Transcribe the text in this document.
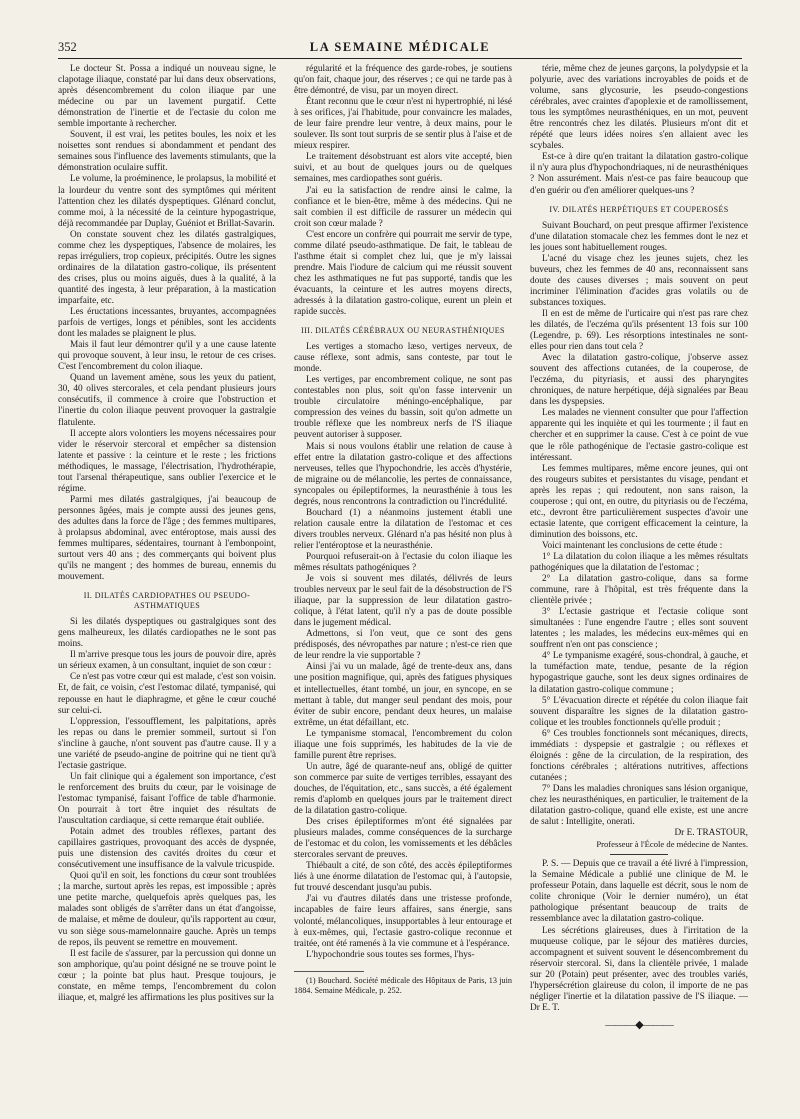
352	LA SEMAINE MÉDICALE

Le docteur St. Possa a indiqué un nouveau signe, le clapotage iliaque, constaté par lui dans deux observations, après désencombrement du colon iliaque par une médecine ou par un lavement purgatif. Cette démonstration de l'inertie et de l'ectasie du colon me semble importante à rechercher.

Souvent, il est vrai, les petites boules, les noix et les noisettes sont rendues si abondamment et pendant des semaines sous l'influence des lavements stimulants, que la démonstration oculaire suffit.

Le volume, la proéminence, le prolapsus, la mobilité et la lourdeur du ventre sont des symptômes qui méritent l'attention chez les dilatés dyspeptiques. Glénard conclut, comme moi, à la nécessité de la ceinture hypogastrique, déjà recommandée par Duplay, Guéniot et Brillat-Savarin.

On constate souvent chez les dilatés gastralgiques, comme chez les dyspeptiques, l'absence de molaires, les repas irréguliers, trop copieux, précipités. Outre les signes ordinaires de la dilatation gastro-colique, ils présentent des crises, plus ou moins aiguës, dues à la qualité, à la quantité des ingesta, à leur préparation, à la mastication imparfaite, etc.

Les éructations incessantes, bruyantes, accompagnées parfois de vertiges, longs et pénibles, sont les accidents dont les malades se plaignent le plus.

Mais il faut leur démontrer qu'il y a une cause latente qui provoque souvent, à leur insu, le retour de ces crises. C'est l'encombrement du colon iliaque.

Quand un lavement amène, sous les yeux du patient, 30, 40 olives stercorales, et cela pendant plusieurs jours consécutifs, il commence à croire que l'obstruction et l'inertie du colon iliaque peuvent provoquer la gastralgie flatulente.

Il accepte alors volontiers les moyens nécessaires pour vider le réservoir stercoral et empêcher sa distension latente et passive : la ceinture et le reste ; les frictions méthodiques, le massage, l'électrisation, l'hydrothérapie, tout l'arsenal thérapeutique, sans oublier l'exercice et le régime.

Parmi mes dilatés gastralgiques, j'ai beaucoup de personnes âgées, mais je compte aussi des jeunes gens, des adultes dans la force de l'âge ; des femmes multipares, à prolapsus abdominal, avec entéroptose, mais aussi des femmes multipares, sédentaires, tournant à l'embonpoint, surtout vers 40 ans ; des commerçants qui boivent plus qu'ils ne mangent ; des hommes de bureau, ennemis du mouvement.

II. DILATÉS CARDIOPATHES OU PSEUDO-ASTHMATIQUES

Si les dilatés dyspeptiques ou gastralgiques sont des gens malheureux, les dilatés cardiopathes ne le sont pas moins.

Il m'arrive presque tous les jours de pouvoir dire, après un sérieux examen, à un consultant, inquiet de son cœur :

Ce n'est pas votre cœur qui est malade, c'est son voisin. Et, de fait, ce voisin, c'est l'estomac dilaté, tympanisé, qui repousse en haut le diaphragme, et gêne le cœur couché sur celui-ci.

L'oppression, l'essoufflement, les palpitations, après les repas ou dans le premier sommeil, surtout si l'on s'incline à gauche, n'ont souvent pas d'autre cause. Il y a une variété de pseudo-angine de poitrine qui ne tient qu'à l'ectasie gastrique.

Un fait clinique qui a également son importance, c'est le renforcement des bruits du cœur, par le voisinage de l'estomac tympanisé, faisant l'office de table d'harmonie. On pourrait à tort être inquiet des résultats de l'auscultation cardiaque, si cette remarque était oubliée.

Potain admet des troubles réflexes, partant des capillaires gastriques, provoquant des accès de dyspnée, puis une distension des cavités droites du cœur et consécutivement une insuffisance de la valvule tricuspide.

Quoi qu'il en soit, les fonctions du cœur sont troublées ; la marche, surtout après les repas, est impossible ; après une petite marche, quelquefois après quelques pas, les malades sont obligés de s'arrêter dans un état d'angoisse, de malaise, et même de douleur, qu'ils rapportent au cœur, vu son siège sous-mamelonnaire gauche. Après un temps de repos, ils peuvent se remettre en mouvement.

Il est facile de s'assurer, par la percussion qui donne un son amphorique, qu'au point désigné ne se trouve point le cœur ; la pointe bat plus haut. Presque toujours, je constate, en même temps, l'encombrement du colon iliaque, et, malgré les affirmations les plus positives sur la

régularité et la fréquence des garde-robes, je soutiens qu'on fait, chaque jour, des réserves ; ce qui ne tarde pas à être démontré, de visu, par un moyen direct.

Étant reconnu que le cœur n'est ni hypertrophié, ni lésé à ses orifices, j'ai l'habitude, pour convaincre les malades, de leur faire prendre leur ventre, à deux mains, pour le soulever. Ils sont tout surpris de se sentir plus à l'aise et de mieux respirer.

Le traitement désobstruant est alors vite accepté, bien suivi, et au bout de quelques jours ou de quelques semaines, mes cardiopathes sont guéris.

J'ai eu la satisfaction de rendre ainsi le calme, la confiance et le bien-être, même à des médecins. Qui ne sait combien il est difficile de rassurer un médecin qui croit son cœur malade ?

C'est encore un confrère qui pourrait me servir de type, comme dilaté pseudo-asthmatique. De fait, le tableau de l'asthme était si complet chez lui, que je m'y laissai prendre. Mais l'iodure de calcium qui me réussit souvent chez les asthmatiques ne fut pas supporté, tandis que les évacuants, la ceinture et les autres moyens directs, adressés à la dilatation gastro-colique, eurent un plein et rapide succès.

III. DILATÉS CÉRÉBRAUX OU NEURASTHÉNIQUES

Les vertiges a stomacho læso, vertiges nerveux, de cause réflexe, sont admis, sans conteste, par tout le monde.

Les vertiges, par encombrement colique, ne sont pas contestables non plus, soit qu'on fasse intervenir un trouble circulatoire méningo-encéphalique, par compression des veines du bassin, soit qu'on admette un trouble réflexe que les nombreux nerfs de l'S iliaque peuvent autoriser à supposer.

Mais si nous voulons établir une relation de cause à effet entre la dilatation gastro-colique et des affections nerveuses, telles que l'hypochondrie, les accès d'hystérie, de migraine ou de mélancolie, les pertes de connaissance, syncopales ou épileptiformes, la neurasthénie à tous les degrés, nous rencontrons la contradiction ou l'incrédulité.

Bouchard (1) a néanmoins justement établi une relation causale entre la dilatation de l'estomac et ces divers troubles nerveux. Glénard n'a pas hésité non plus à relier l'entéroptose et la neurasthénie.

Pourquoi refuserait-on à l'ectasie du colon iliaque les mêmes résultats pathogéniques ?

Je vois si souvent mes dilatés, délivrés de leurs troubles nerveux par le seul fait de la désobstruction de l'S iliaque, par la suppression de leur dilatation gastro-colique, à l'état latent, qu'il n'y a pas de doute possible dans le jugement médical.

Admettons, si l'on veut, que ce sont des gens prédisposés, des névropathes par nature ; n'est-ce rien que de leur rendre la vie supportable ?

Ainsi j'ai vu un malade, âgé de trente-deux ans, dans une position magnifique, qui, après des fatigues physiques et intellectuelles, étant tombé, un jour, en syncope, en se mettant à table, dut manger seul pendant des mois, pour éviter de subir encore, pendant deux heures, un malaise extrême, un état défaillant, etc.

Le tympanisme stomacal, l'encombrement du colon iliaque une fois supprimés, les habitudes de la vie de famille purent être reprises.

Un autre, âgé de quarante-neuf ans, obligé de quitter son commerce par suite de vertiges terribles, essayant des douches, de l'équitation, etc., sans succès, a été également remis d'aplomb en quelques jours par le traitement direct de la dilatation gastro-colique.

Des crises épileptiformes m'ont été signalées par plusieurs malades, comme conséquences de la surcharge de l'estomac et du colon, les vomissements et les débâcles stercorales servant de preuves.

Thiébault a cité, de son côté, des accès épileptiformes liés à une énorme dilatation de l'estomac qui, à l'autopsie, fut trouvé descendant jusqu'au pubis.

J'ai vu d'autres dilatés dans une tristesse profonde, incapables de faire leurs affaires, sans énergie, sans volonté, mélancoliques, insupportables à leur entourage et à eux-mêmes, qui, l'ectasie gastro-colique reconnue et traitée, ont été ramenés à la vie commune et à l'espérance.

L'hypochondrie sous toutes ses formes, l'hys-

(1) Bouchard. Société médicale des Hôpitaux de Paris, 13 juin 1884. Semaine Médicale, p. 252.

térie, même chez de jeunes garçons, la polydypsie et la polyurie, avec des variations incroyables de poids et de volume, sans glycosurie, les pseudo-congestions cérébrales, avec craintes d'apoplexie et de ramollissement, tous les symptômes neurasthéniques, en un mot, peuvent être rencontrés chez les dilatés. Plusieurs m'ont dit et répété que leurs idées noires s'en allaient avec les scybales.

Est-ce à dire qu'en traitant la dilatation gastro-colique il n'y aura plus d'hypochondriaques, ni de neurasthéniques ? Non assurément. Mais n'est-ce pas faire beaucoup que d'en guérir ou d'en améliorer quelques-uns ?

IV. DILATÉS HERPÉTIQUES ET COUPEROSÉS

Suivant Bouchard, on peut presque affirmer l'existence d'une dilatation stomacale chez les femmes dont le nez et les joues sont habituellement rouges.

L'acné du visage chez les jeunes sujets, chez les buveurs, chez les femmes de 40 ans, reconnaissent sans doute des causes diverses ; mais souvent on peut incriminer l'élimination d'acides gras volatils ou de substances toxiques.

Il en est de même de l'urticaire qui n'est pas rare chez les dilatés, de l'eczéma qu'ils présentent 13 fois sur 100 (Legendre, p. 69). Les résorptions intestinales ne sont-elles pour rien dans tout cela ?

Avec la dilatation gastro-colique, j'observe assez souvent des affections cutanées, de la couperose, de l'eczéma, du pityriasis, et aussi des pharyngites chroniques, de nature herpétique, déjà signalées par Beau dans les dyspepsies.

Les malades ne viennent consulter que pour l'affection apparente qui les inquiète et qui les tourmente ; il faut en chercher et en supprimer la cause. C'est à ce point de vue que le rôle pathogénique de l'ectasie gastro-colique est intéressant.

Les femmes multipares, même encore jeunes, qui ont des rougeurs subites et persistantes du visage, pendant et après les repas ; qui redoutent, non sans raison, la couperose ; qui ont, en outre, du pityriasis ou de l'eczéma, etc., devront être particulièrement suspectes d'avoir une ectasie latente, que corrigent efficacement la ceinture, la diminution des boissons, etc.

Voici maintenant les conclusions de cette étude :

1° La dilatation du colon iliaque a les mêmes résultats pathogéniques que la dilatation de l'estomac ;

2° La dilatation gastro-colique, dans sa forme commune, rare à l'hôpital, est très fréquente dans la clientèle privée ;

3° L'ectasie gastrique et l'ectasie colique sont simultanées : l'une engendre l'autre ; elles sont souvent latentes ; les malades, les médecins eux-mêmes qui en souffrent n'en ont pas conscience ;

4° Le tympanisme exagéré, sous-chondral, à gauche, et la tuméfaction mate, tendue, pesante de la région hypogastrique gauche, sont les deux signes ordinaires de la dilatation gastro-colique commune ;

5° L'évacuation directe et répétée du colon iliaque fait souvent disparaître les signes de la dilatation gastro-colique et les troubles fonctionnels qu'elle produit ;

6° Ces troubles fonctionnels sont mécaniques, directs, immédiats : dyspepsie et gastralgie ; ou réflexes et éloignés : gêne de la circulation, de la respiration, des fonctions cérébrales ; altérations nutritives, affections cutanées ;

7° Dans les maladies chroniques sans lésion organique, chez les neurasthéniques, en particulier, le traitement de la dilatation gastro-colique, quand elle existe, est une ancre de salut : Intelligite, onerati.

Dr E. TRASTOUR,

Professeur à l'École de médecine de Nantes.

P. S. — Depuis que ce travail a été livré à l'impression, la Semaine Médicale a publié une clinique de M. le professeur Potain, dans laquelle est décrit, sous le nom de colite chronique (Voir le dernier numéro), un état pathologique présentant beaucoup de traits de ressemblance avec la dilatation gastro-colique.

Les sécrétions glaireuses, dues à l'irritation de la muqueuse colique, par le séjour des matières durcies, accompagnent et suivent souvent le désencombrement du réservoir stercoral. Si, dans la clientèle privée, 1 malade sur 20 (Potain) peut présenter, avec des troubles variés, l'hypersécrétion glaireuse du colon, il importe de ne pas négliger l'inertie et la dilatation passive de l'S iliaque. — Dr E. T.

———◆———
